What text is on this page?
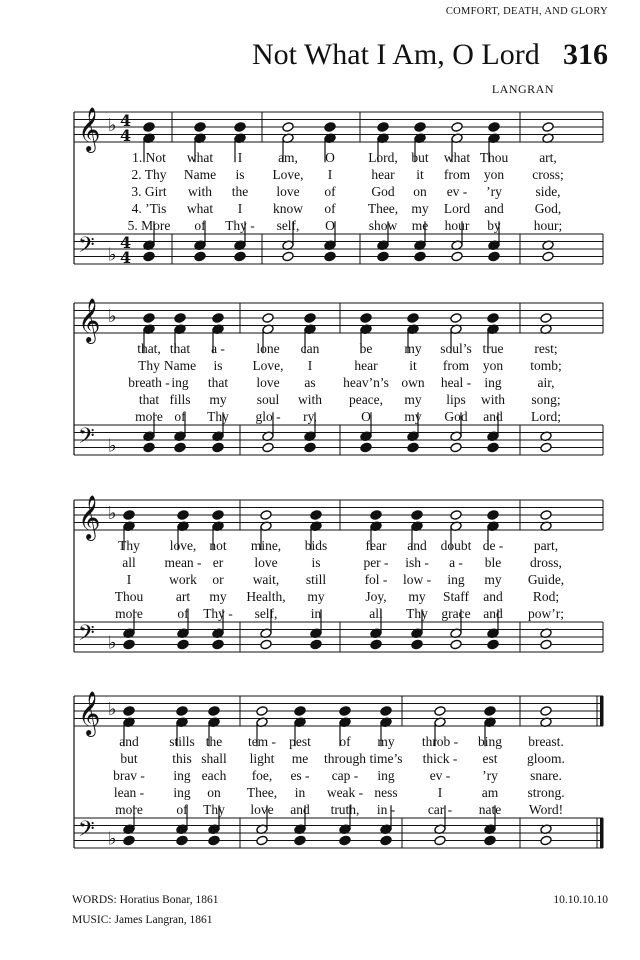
COMFORT, DEATH, AND GLORY
Not What I Am, O Lord 316
LANGRAN
𝄞 ♭ 4
4
𝄢 ♭
4
4
1. Not what I	am, O Lord, but what Thou art,
2. Thy Name is Love, I	hear it from yon cross;
3. Girt with the love of	God on ev - ’ry side,
4. ’Tis what I know of Thee, my Lord and God,
5. More of Thy - self, O	show me hour by hour;
𝄞 ♭
𝄢 ♭
that, that a - lone can	be my soul’s true rest;
Thy Name is Love, I	hear it from yon tomb;
breath - ing that love as heav’n’s own heal - ing	air,
that fills my soul with peace, my lips with song;
more of Thy glo - ry,	O my God and Lord;
𝄞 ♭
𝄢 ♭
Thy love, not mine, bids	fear and doubt de - part,
all mean - er love	is	per - ish - a - ble dross,
I	work or wait, still	fol - low - ing my Guide,
Thou art my Health, my	Joy, my Staff and Rod;
more	of Thy - self, in	all Thy grace and pow’r;
𝄞 ♭
𝄢 ♭
and stills the tem - pest of my throb - bing breast.
but	this shall light me through time’s thick - est gloom.
brav - ing each foe, es - cap - ing	ev - ’ry snare.
lean - ing on Thee, in weak - ness	I	am strong.
more of Thy love and truth, in - car - nate Word!
WORDS: Horatius Bonar, 1861
MUSIC: James Langran, 1861
10.10.10.10
